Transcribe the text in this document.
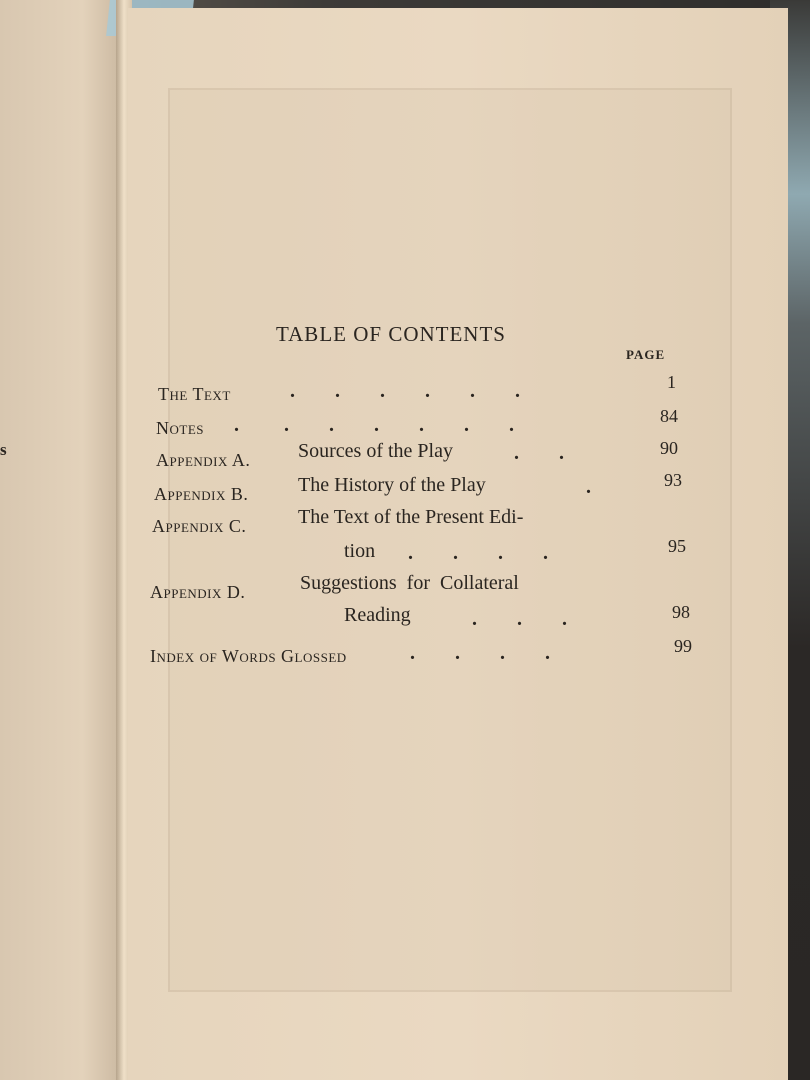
s
TABLE OF CONTENTS
PAGE
The Text	.        .        .        .        .        .	1
Notes .         .        .        .        .        .        .	84
Appendix A. Sources of the Play	.        .	90
Appendix B. The History of the Play	.	93
Appendix C.	The Text of the Present Edi-
tion .        .        .        .	95
Appendix D.	Suggestions  for  Collateral
Reading	.        .        .	98
Index of Words Glossed	.        .        .        .	99
